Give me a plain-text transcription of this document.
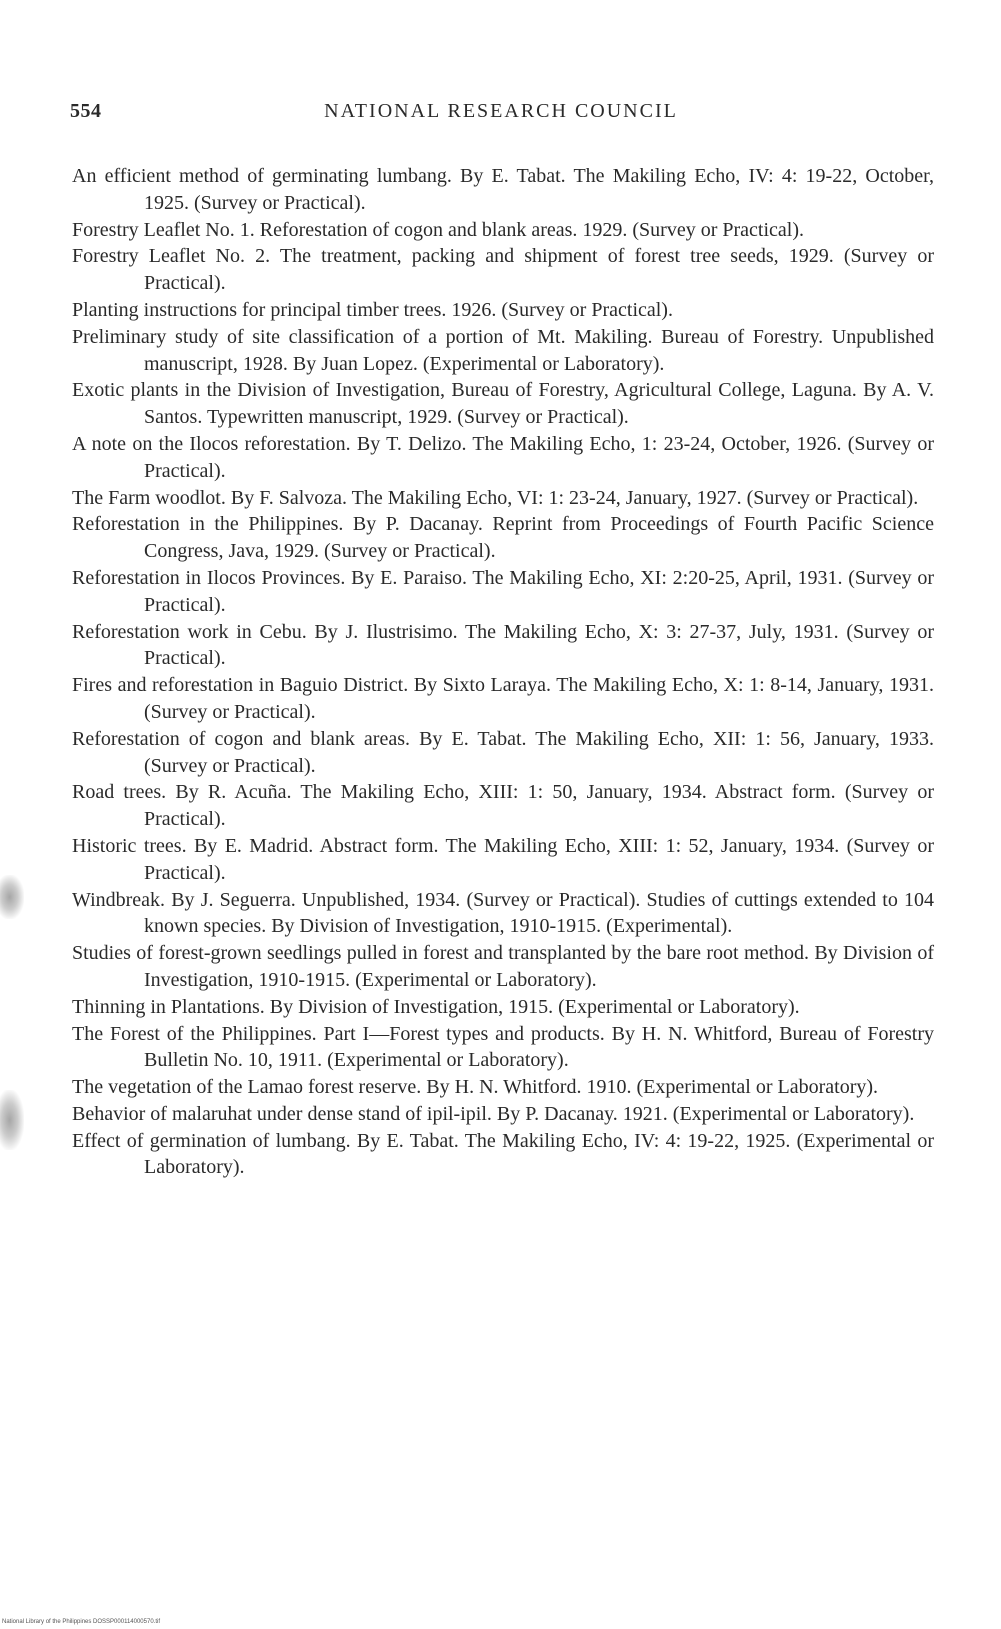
554	NATIONAL RESEARCH COUNCIL
An efficient method of germinating lumbang. By E. Tabat. The Makiling Echo, IV: 4: 19-22, October, 1925. (Survey or Practical).
Forestry Leaflet No. 1. Reforestation of cogon and blank areas. 1929. (Survey or Practical).
Forestry Leaflet No. 2. The treatment, packing and shipment of forest tree seeds, 1929. (Survey or Practical).
Planting instructions for principal timber trees. 1926. (Survey or Practical).
Preliminary study of site classification of a portion of Mt. Makiling. Bureau of Forestry. Unpublished manuscript, 1928. By Juan Lopez. (Experimental or Laboratory).
Exotic plants in the Division of Investigation, Bureau of Forestry, Agricultural College, Laguna. By A. V. Santos. Typewritten manuscript, 1929. (Survey or Practical).
A note on the Ilocos reforestation. By T. Delizo. The Makiling Echo, 1: 23-24, October, 1926. (Survey or Practical).
The Farm woodlot. By F. Salvoza. The Makiling Echo, VI: 1: 23-24, January, 1927. (Survey or Practical).
Reforestation in the Philippines. By P. Dacanay. Reprint from Proceedings of Fourth Pacific Science Congress, Java, 1929. (Survey or Practical).
Reforestation in Ilocos Provinces. By E. Paraiso. The Makiling Echo, XI: 2:20-25, April, 1931. (Survey or Practical).
Reforestation work in Cebu. By J. Ilustrisimo. The Makiling Echo, X: 3: 27-37, July, 1931. (Survey or Practical).
Fires and reforestation in Baguio District. By Sixto Laraya. The Makiling Echo, X: 1: 8-14, January, 1931. (Survey or Practical).
Reforestation of cogon and blank areas. By E. Tabat. The Makiling Echo, XII: 1: 56, January, 1933. (Survey or Practical).
Road trees. By R. Acuña. The Makiling Echo, XIII: 1: 50, January, 1934. Abstract form. (Survey or Practical).
Historic trees. By E. Madrid. Abstract form. The Makiling Echo, XIII: 1: 52, January, 1934. (Survey or Practical).
Windbreak. By J. Seguerra. Unpublished, 1934. (Survey or Practical). Studies of cuttings extended to 104 known species. By Division of Investigation, 1910-1915. (Experimental).
Studies of forest-grown seedlings pulled in forest and transplanted by the bare root method. By Division of Investigation, 1910-1915. (Experimental or Laboratory).
Thinning in Plantations. By Division of Investigation, 1915. (Experimental or Laboratory).
The Forest of the Philippines. Part I—Forest types and products. By H. N. Whitford, Bureau of Forestry Bulletin No. 10, 1911. (Experimental or Laboratory).
The vegetation of the Lamao forest reserve. By H. N. Whitford. 1910. (Experimental or Laboratory).
Behavior of malaruhat under dense stand of ipil-ipil. By P. Dacanay. 1921. (Experimental or Laboratory).
Effect of germination of lumbang. By E. Tabat. The Makiling Echo, IV: 4: 19-22, 1925. (Experimental or Laboratory).
National Library of the Philippines DOSSP000114000570.tif
